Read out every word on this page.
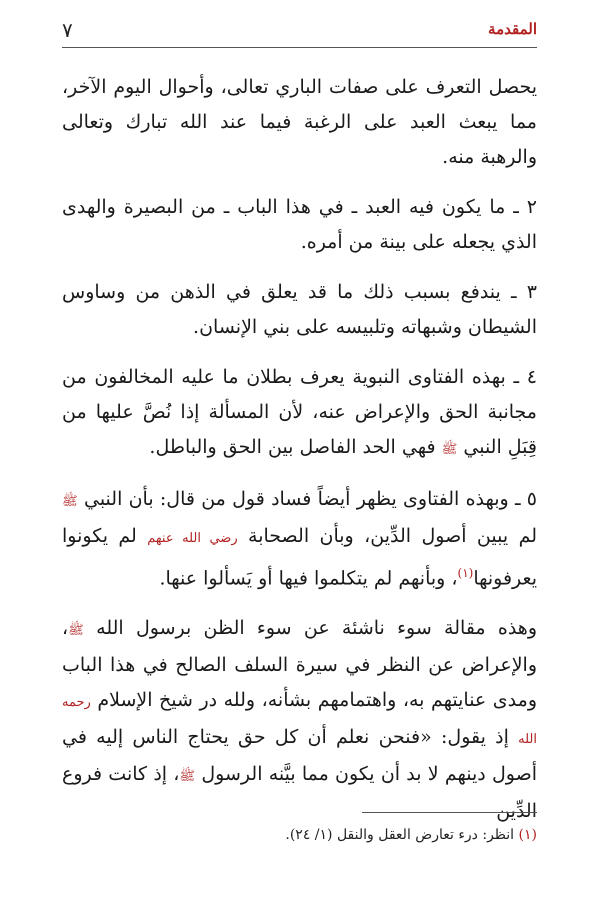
المقدمة
٧

يحصل التعرف على صفات الباري تعالى، وأحوال اليوم الآخر، مما يبعث العبد على الرغبة فيما عند الله تبارك وتعالى والرهبة منه.

٢ ـ ما يكون فيه العبد ـ في هذا الباب ـ من البصيرة والهدى الذي يجعله على بينة من أمره.

٣ ـ يندفع بسبب ذلك ما قد يعلق في الذهن من وساوس الشيطان وشبهاته وتلبيسه على بني الإنسان.

٤ ـ بهذه الفتاوى النبوية يعرف بطلان ما عليه المخالفون من مجانبة الحق والإعراض عنه، لأن المسألة إذا نُصَّ عليها من قِبَلِ النبي ﷺ فهي الحد الفاصل بين الحق والباطل.

٥ ـ وبهذه الفتاوى يظهر أيضاً فساد قول من قال: بأن النبي ﷺ لم يبين أصول الدِّين، وبأن الصحابة رضي الله عنهم لم يكونوا يعرفونها$^{(١)}$، وبأنهم لم يتكلموا فيها أو يَسألوا عنها.

وهذه مقالة سوء ناشئة عن سوء الظن برسول الله ﷺ، والإعراض عن النظر في سيرة السلف الصالح في هذا الباب ومدى عنايتهم به، واهتمامهم بشأنه، ولله در شيخ الإسلام رحمه الله إذ يقول: «فنحن نعلم أن كل حق يحتاج الناس إليه في أصول دينهم لا بد أن يكون مما بيَّنه الرسول ﷺ، إذ كانت فروع الدِّين

(١) انظر: درء تعارض العقل والنقل (١/ ٢٤).
